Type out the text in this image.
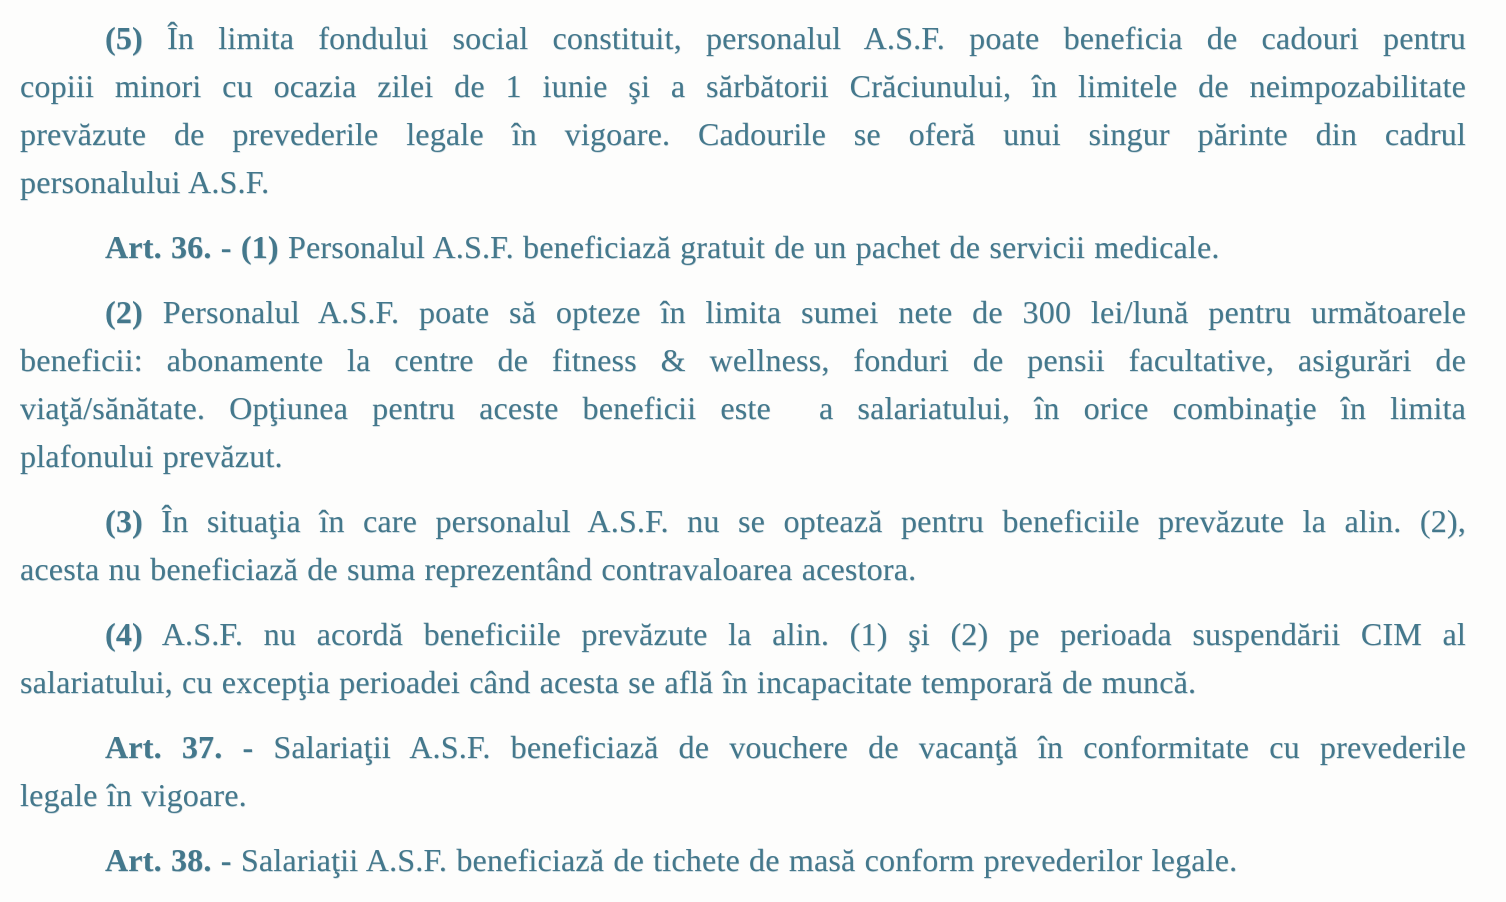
(5) În limita fondului social constituit, personalul A.S.F. poate beneficia de cadouri pentru
copiii minori cu ocazia zilei de 1 iunie şi a sărbătorii Crăciunului, în limitele de neimpozabilitate
prevăzute de prevederile legale în vigoare. Cadourile se oferă unui singur părinte din cadrul
personalului A.S.F.
Art. 36. - (1) Personalul A.S.F. beneficiază gratuit de un pachet de servicii medicale.
(2) Personalul A.S.F. poate să opteze în limita sumei nete de 300 lei/lună pentru următoarele
beneficii: abonamente la centre de fitness & wellness, fonduri de pensii facultative, asigurări de
viaţă/sănătate. Opţiunea pentru aceste beneficii este  a salariatului, în orice combinaţie în limita
plafonului prevăzut.
(3) În situaţia în care personalul A.S.F. nu se optează pentru beneficiile prevăzute la alin. (2),
acesta nu beneficiază de suma reprezentând contravaloarea acestora.
(4) A.S.F. nu acordă beneficiile prevăzute la alin. (1) şi (2) pe perioada suspendării CIM al
salariatului, cu excepţia perioadei când acesta se află în incapacitate temporară de muncă.
Art. 37. - Salariaţii A.S.F. beneficiază de vouchere de vacanţă în conformitate cu prevederile
legale în vigoare.
Art. 38. - Salariaţii A.S.F. beneficiază de tichete de masă conform prevederilor legale.
